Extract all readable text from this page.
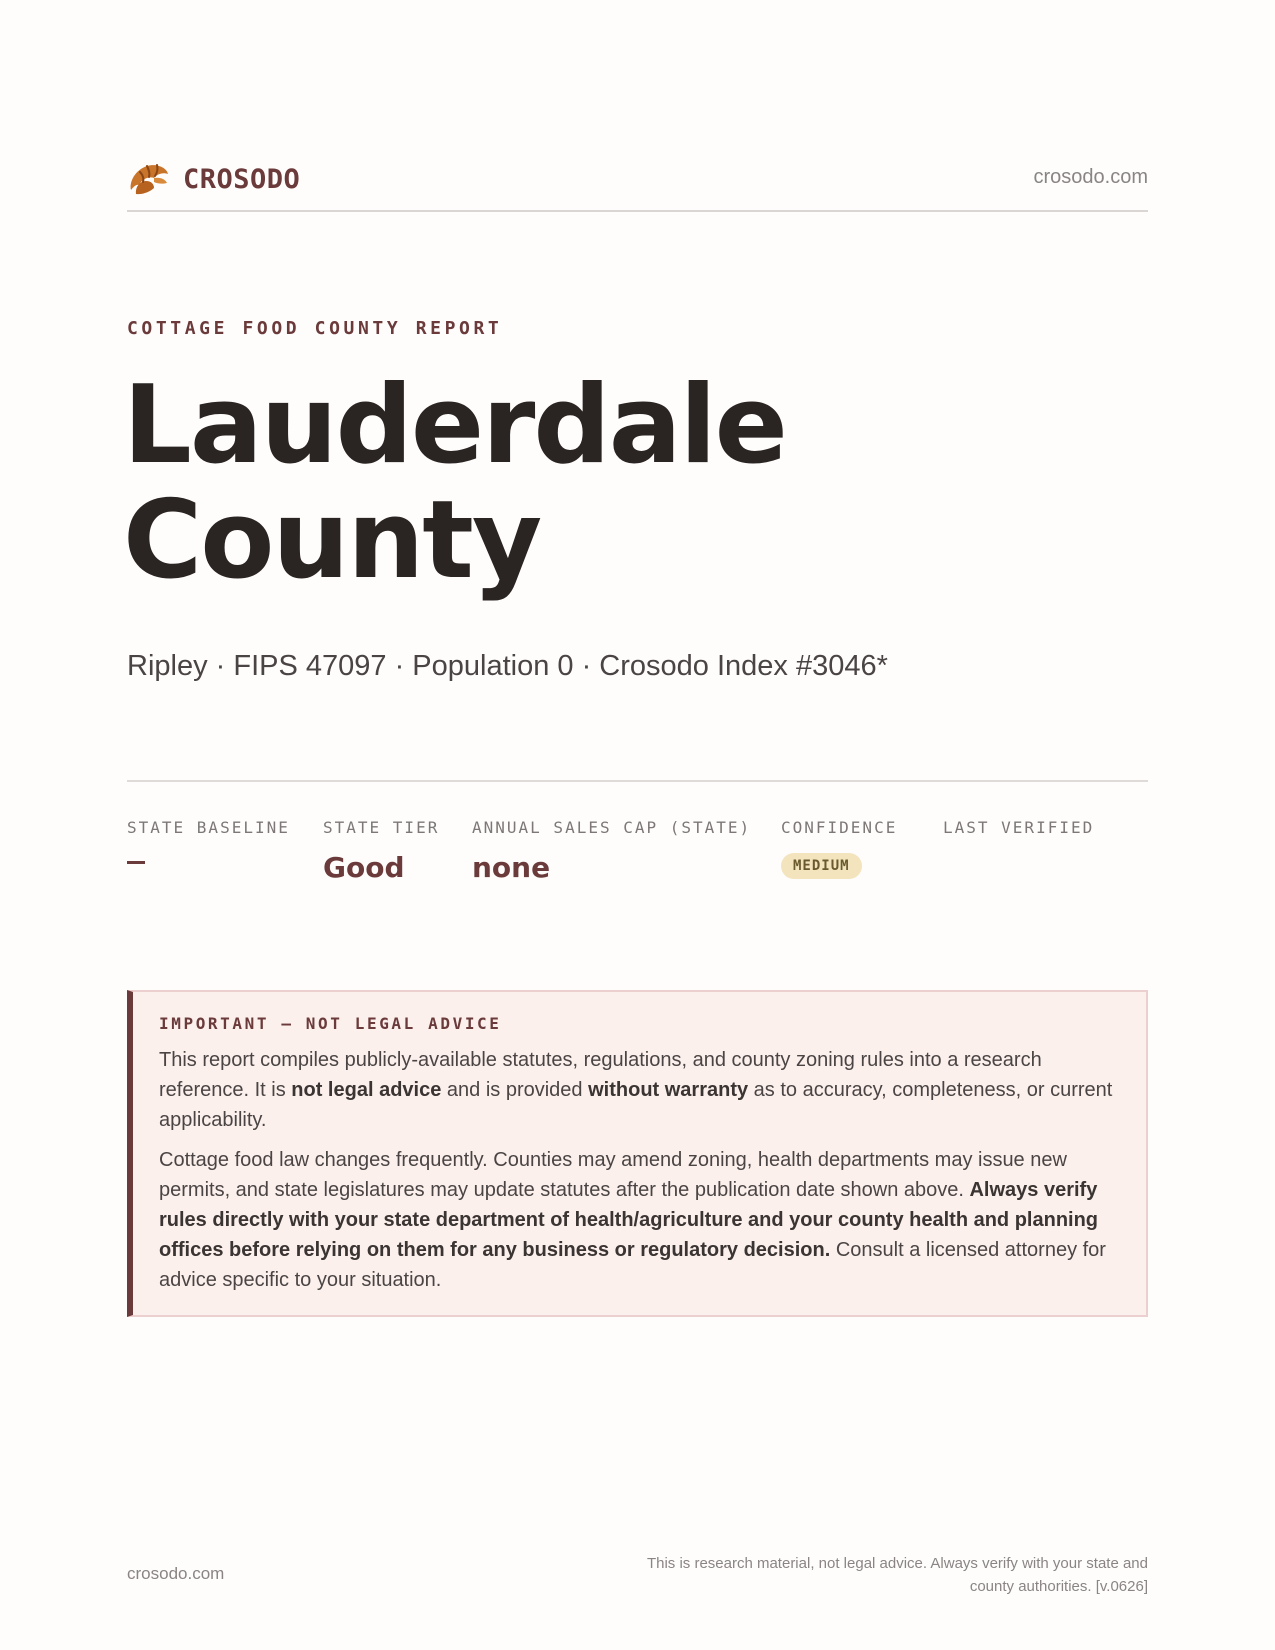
CROSODO	crosodo.com
COTTAGE FOOD COUNTY REPORT
Lauderdale
County
Ripley · FIPS 47097 · Population 0 · Crosodo Index #3046*
STATE BASELINE STATE TIER
Good
ANNUAL SALES CAP (STATE)
none
CONFIDENCE
MEDIUM
LAST VERIFIED
IMPORTANT — NOT LEGAL ADVICE

This report compiles publicly-available statutes, regulations, and county zoning rules into a research reference. It is not legal advice and is provided without warranty as to accuracy, completeness, or current applicability.

Cottage food law changes frequently. Counties may amend zoning, health departments may issue new permits, and state legislatures may update statutes after the publication date shown above. Always verify rules directly with your state department of health/agriculture and your county health and planning offices before relying on them for any business or regulatory decision. Consult a licensed attorney for advice specific to your situation.

crosodo.com
This is research material, not legal advice. Always verify with your state and county authorities. [v.0626]
